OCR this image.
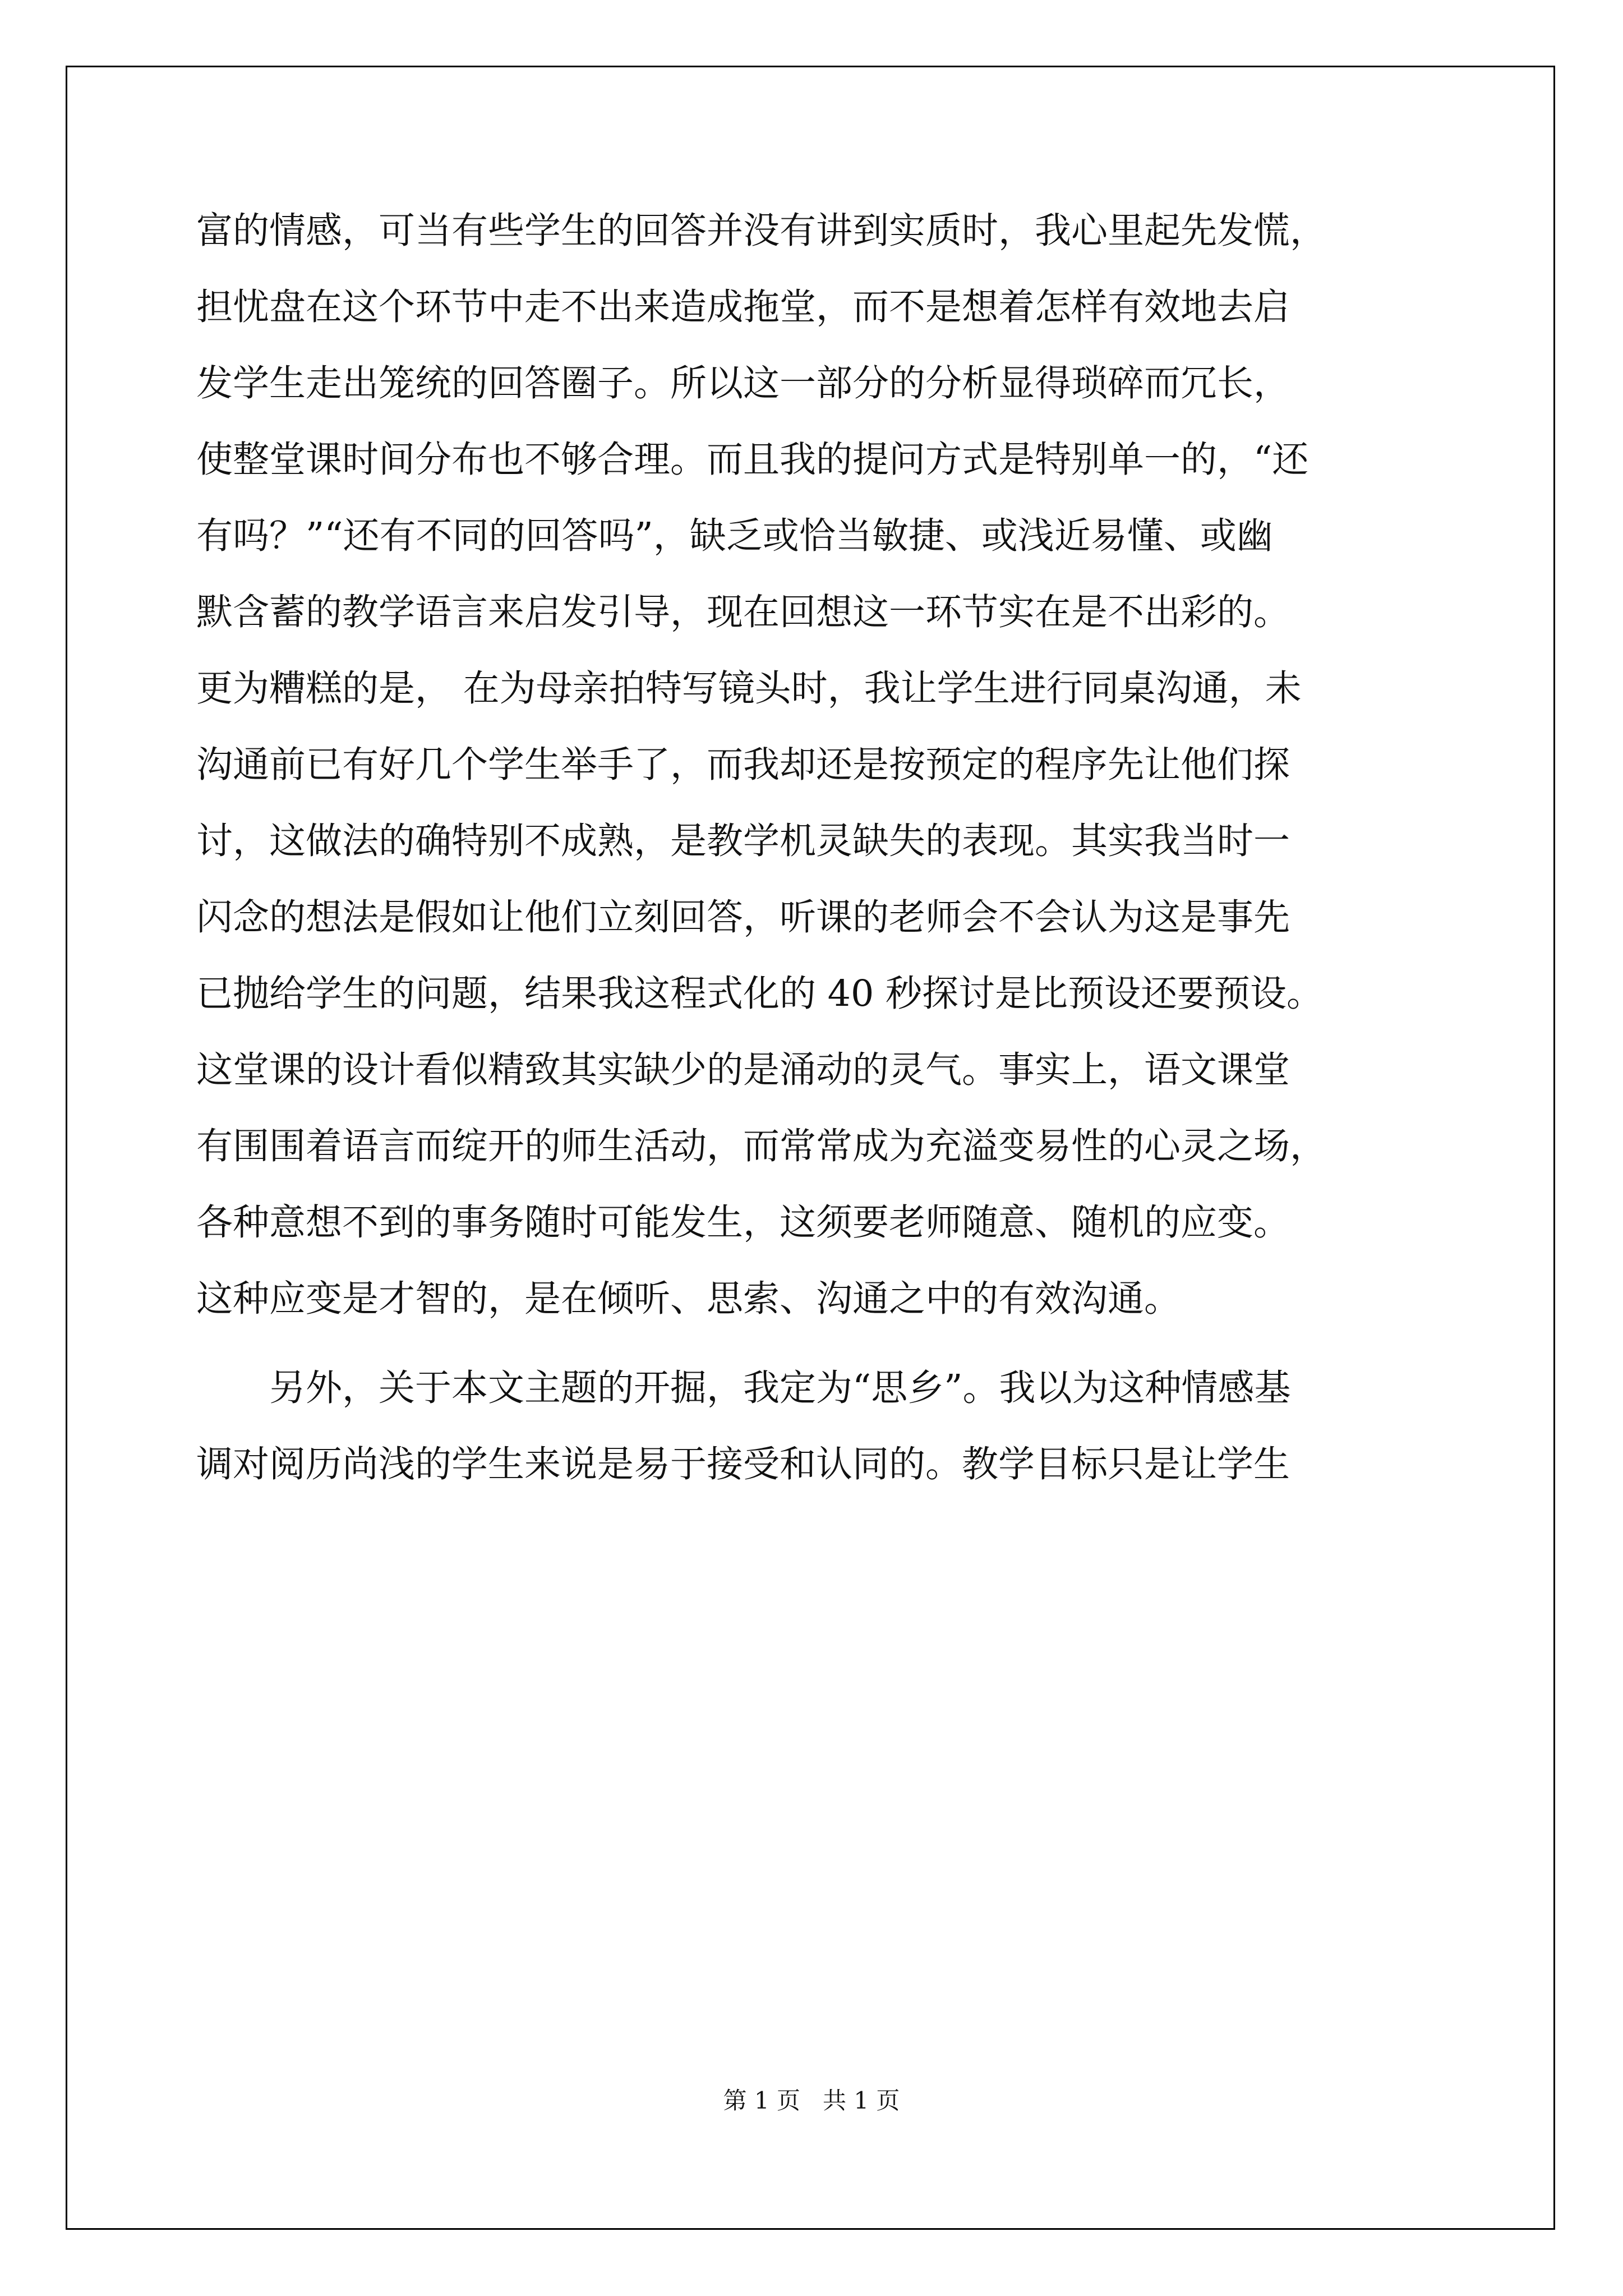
富的情感，可当有些学生的回答并没有讲到实质时，我心里起先发慌，
担忧盘在这个环节中走不出来造成拖堂，而不是想着怎样有效地去启
发学生走出笼统的回答圈子。所以这一部分的分析显得琐碎而冗长，
使整堂课时间分布也不够合理。而且我的提问方式是特别单一的，“还
有吗？”“还有不同的回答吗”，缺乏或恰当敏捷、或浅近易懂、或幽
默含蓄的教学语言来启发引导，现在回想这一环节实在是不出彩的。
更为糟糕的是， 在为母亲拍特写镜头时，我让学生进行同桌沟通，未
沟通前已有好几个学生举手了，而我却还是按预定的程序先让他们探
讨，这做法的确特别不成熟，是教学机灵缺失的表现。其实我当时一
闪念的想法是假如让他们立刻回答，听课的老师会不会认为这是事先
已抛给学生的问题，结果我这程式化的 40 秒探讨是比预设还要预设。
这堂课的设计看似精致其实缺少的是涌动的灵气。事实上，语文课堂
有围围着语言而绽开的师生活动，而常常成为充溢变易性的心灵之场，
各种意想不到的事务随时可能发生，这须要老师随意、随机的应变。
这种应变是才智的，是在倾听、思索、沟通之中的有效沟通。
　　另外，关于本文主题的开掘，我定为“思乡”。我以为这种情感基
调对阅历尚浅的学生来说是易于接受和认同的。教学目标只是让学生
第 1 页 共 1 页
